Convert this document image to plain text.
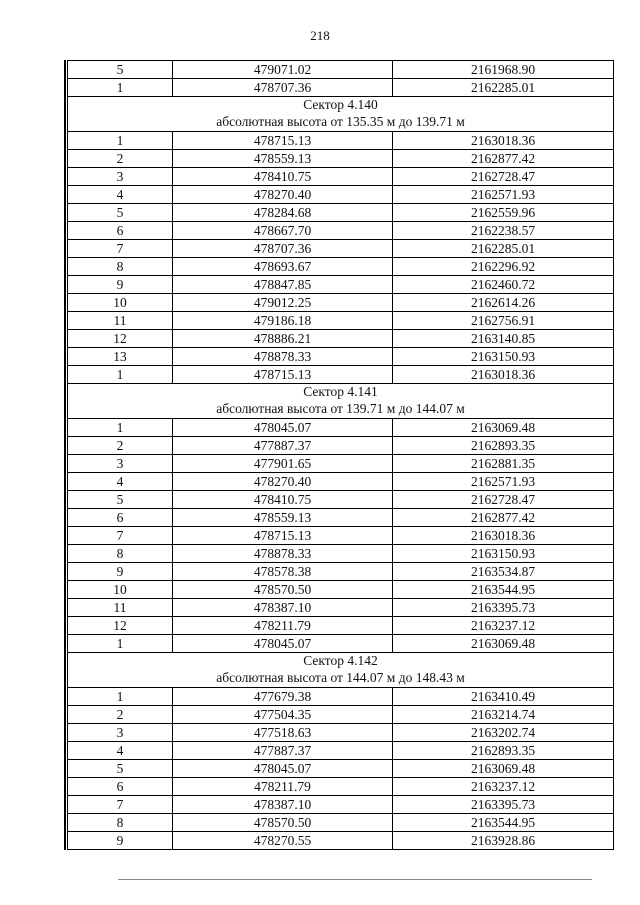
218
5	479071.02	2161968.90
1	478707.36	2162285.01

Сектор 4.140
абсолютная высота от 135.35 м до 139.71 м		

1	478715.13	2163018.36
2	478559.13	2162877.42
3	478410.75	2162728.47
4	478270.40	2162571.93
5	478284.68	2162559.96
6	478667.70	2162238.57
7	478707.36	2162285.01
8	478693.67	2162296.92
9	478847.85	2162460.72
10	479012.25	2162614.26
11	479186.18	2162756.91
12	478886.21	2163140.85
13	478878.33	2163150.93
1	478715.13	2163018.36

Сектор 4.141
абсолютная высота от 139.71 м до 144.07 м		

1	478045.07	2163069.48
2	477887.37	2162893.35
3	477901.65	2162881.35
4	478270.40	2162571.93
5	478410.75	2162728.47
6	478559.13	2162877.42
7	478715.13	2163018.36
8	478878.33	2163150.93
9	478578.38	2163534.87
10	478570.50	2163544.95
11	478387.10	2163395.73
12	478211.79	2163237.12
1	478045.07	2163069.48

Сектор 4.142
абсолютная высота от 144.07 м до 148.43 м		

1	477679.38	2163410.49
2	477504.35	2163214.74
3	477518.63	2163202.74
4	477887.37	2162893.35
5	478045.07	2163069.48
6	478211.79	2163237.12
7	478387.10	2163395.73
8	478570.50	2163544.95
9	478270.55	2163928.86
